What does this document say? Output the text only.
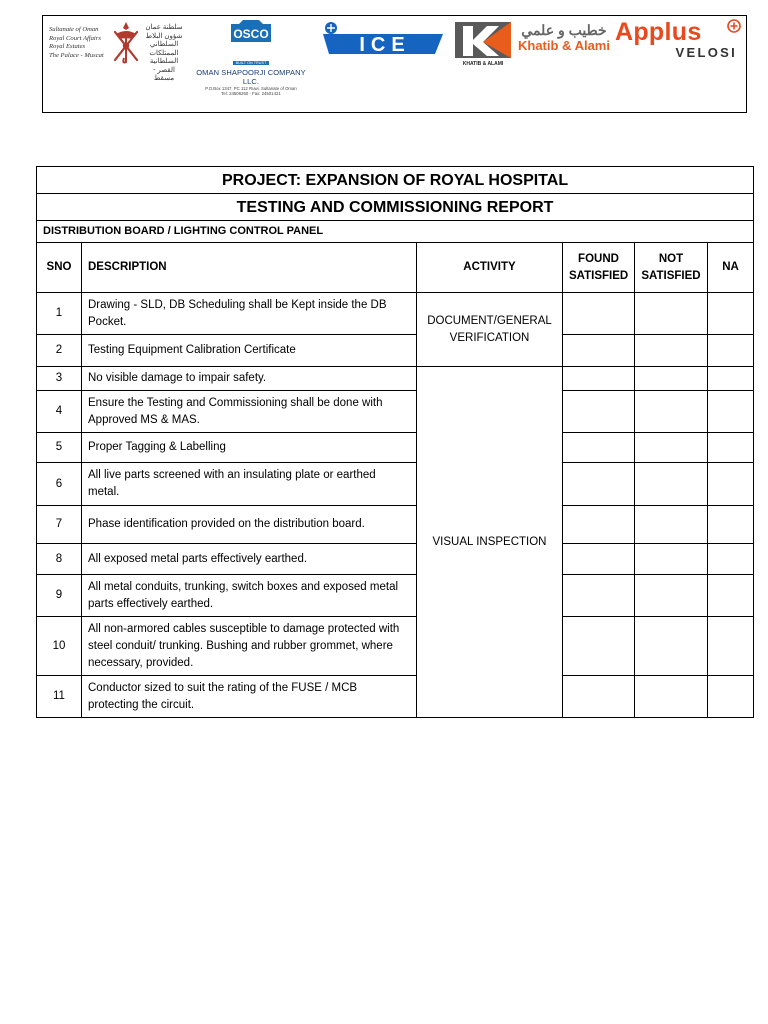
Sultanate of Oman
Royal Court Affairs
Royal Estates
The Palace - Muscat
سلطنة عمان
شؤون البلاط السلطاني
الممتلكات السلطانية
القصر - مسقط
OSCO
BUILT ON TRUST
OMAN SHAPOORJI COMPANY LLC.
P.O.Box 1347, PC 112 Ruwi, Sultanate of Oman
Tel: 24506260 · Fax: 24501421
ICE
KHATIB & ALAMI
خطيب و علمي
Khatib & Alami Applus
VELOSI
PROJECT: EXPANSION OF ROYAL HOSPITAL					
TESTING AND COMMISSIONING REPORT					
DISTRIBUTION BOARD / LIGHTING CONTROL PANEL					
SNO	DESCRIPTION	ACTIVITY	FOUND SATISFIED	NOT SATISFIED	NA
1	Drawing - SLD, DB Scheduling shall be Kept inside the DB Pocket.	DOCUMENT/GENERAL VERIFICATION			
2	Testing Equipment Calibration Certificate				
3	No visible damage to impair safety.	VISUAL INSPECTION			
4	Ensure the Testing and Commissioning shall be done with Approved MS & MAS.				
5	Proper Tagging & Labelling				
6	All live parts screened with an insulating plate or earthed metal.				
7	Phase identification provided on the distribution board.				
8	All exposed metal parts effectively earthed.				
9	All metal conduits, trunking, switch boxes and exposed metal parts effectively earthed.				
10	All non-armored cables susceptible to damage protected with steel conduit/ trunking. Bushing and rubber grommet, where necessary, provided.				
11	Conductor sized to suit the rating of the FUSE / MCB protecting the circuit.				
